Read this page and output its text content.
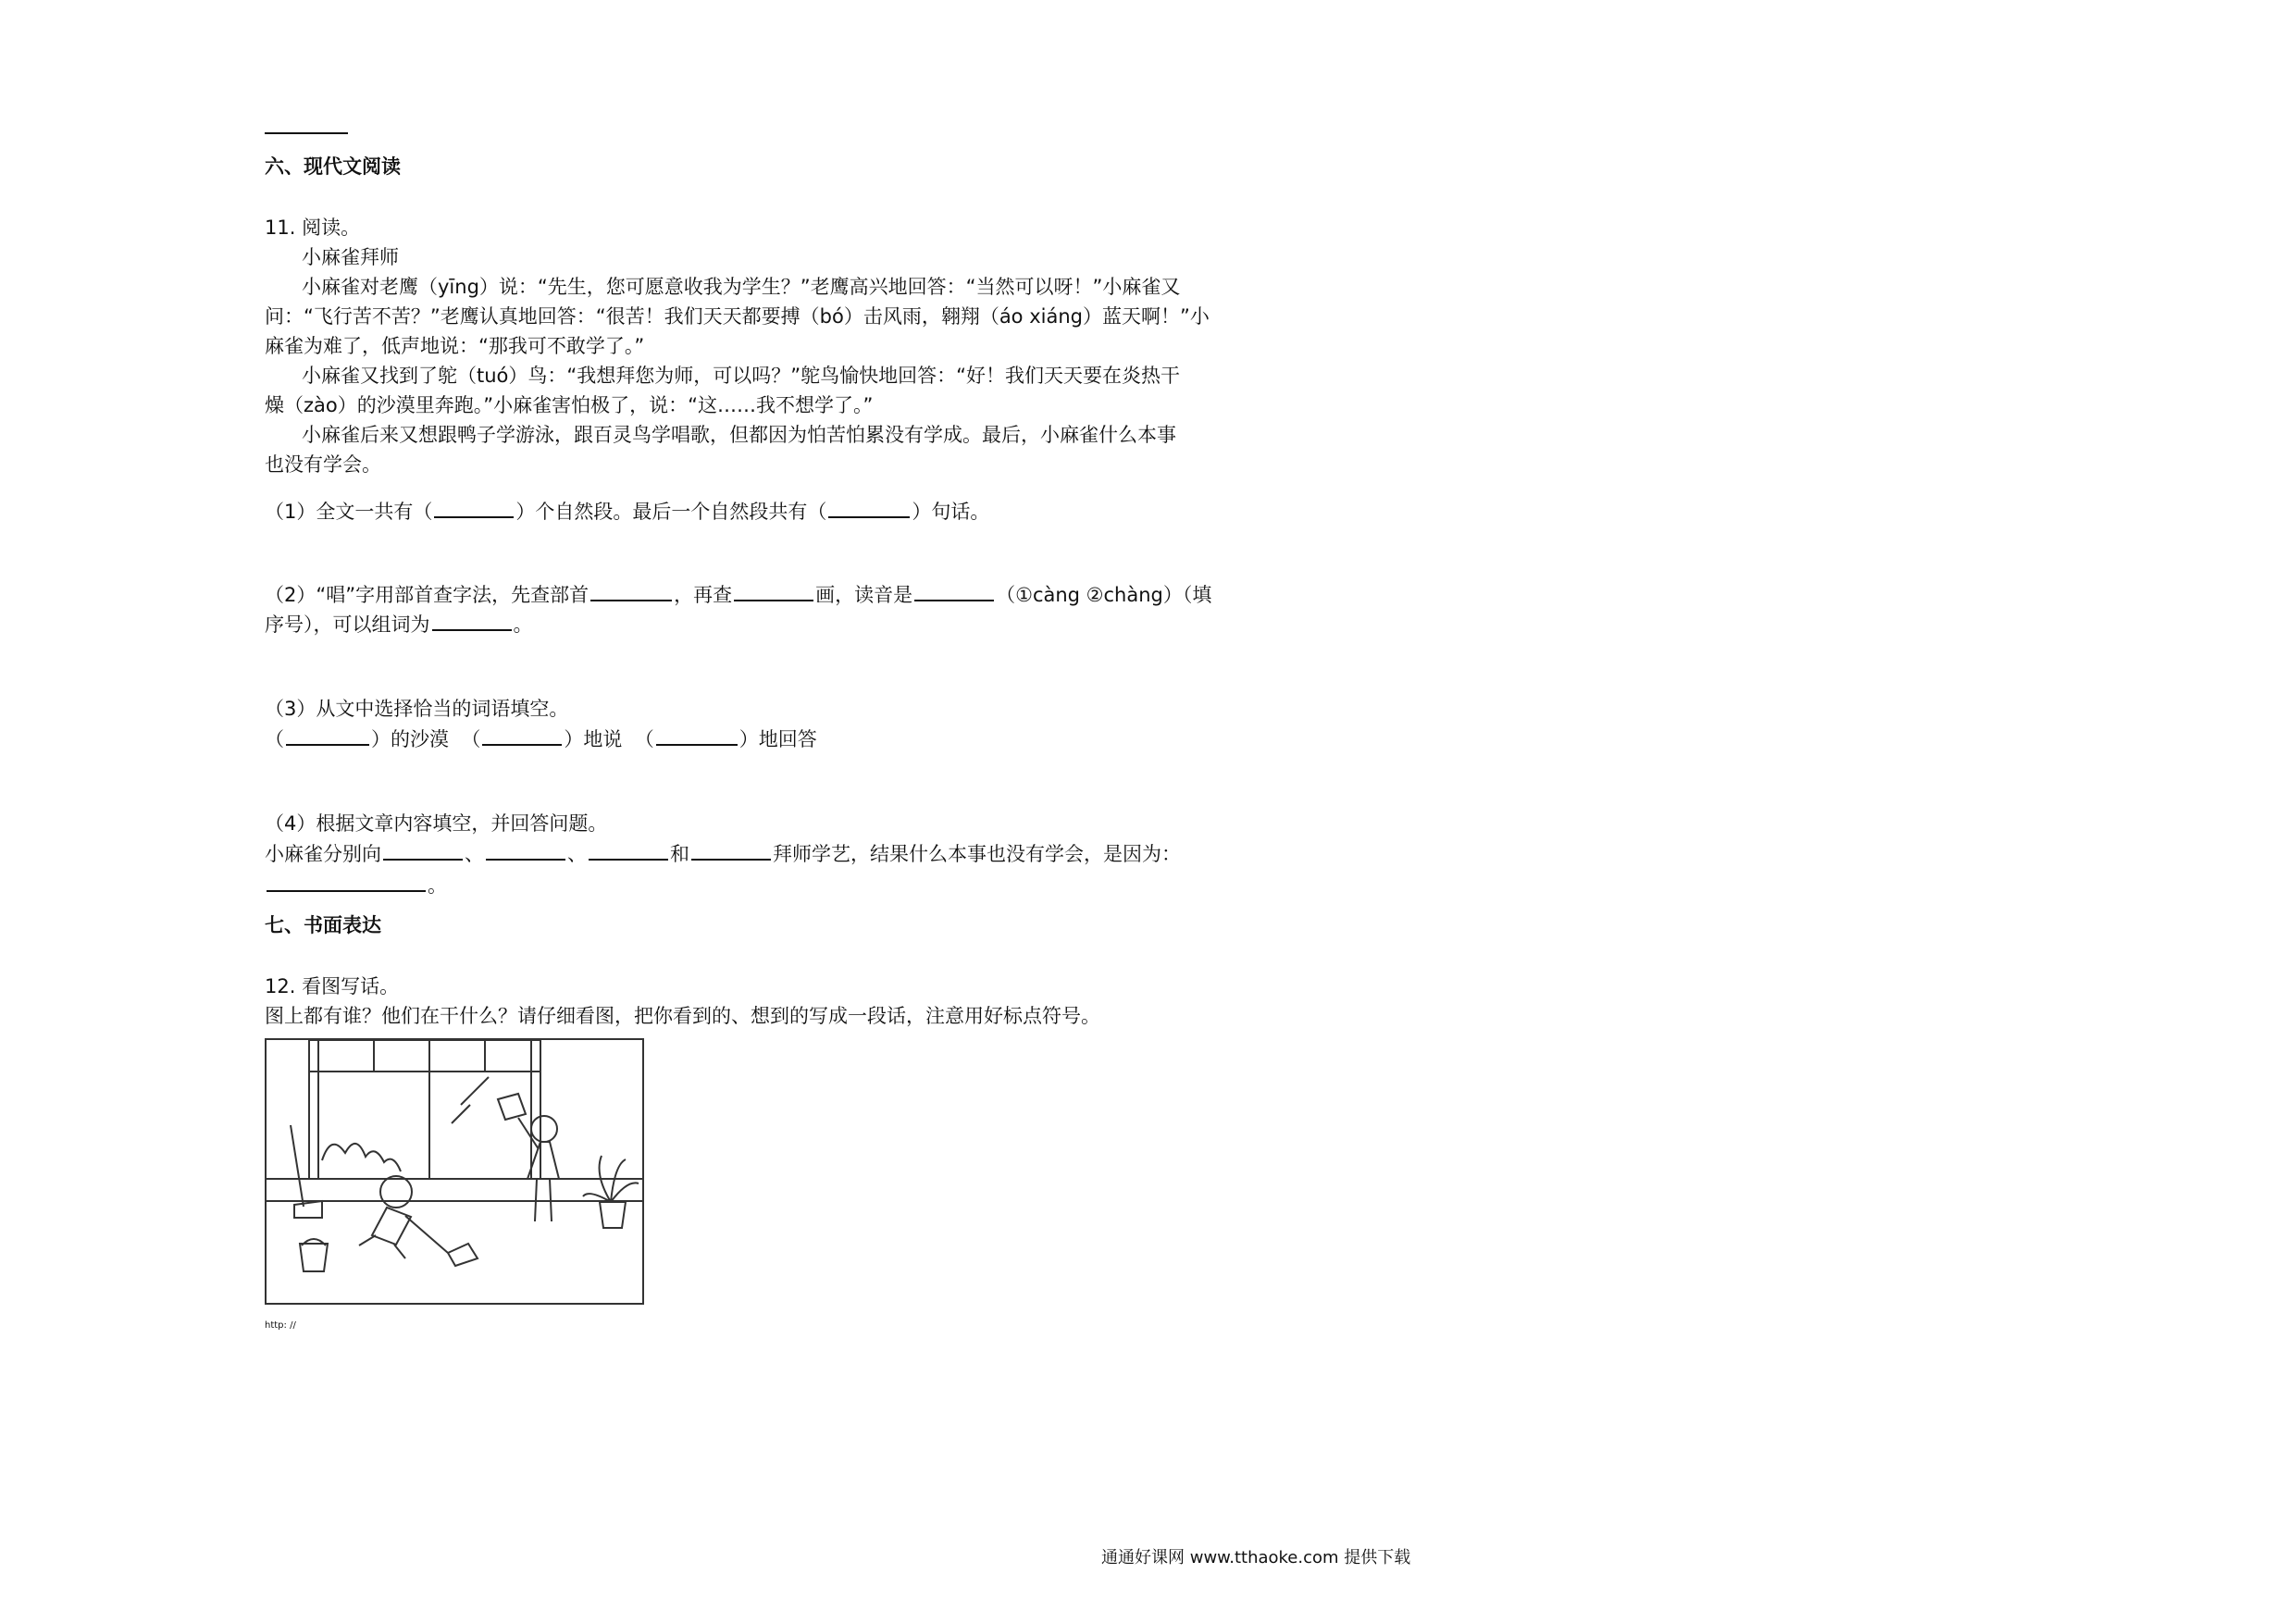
六、现代文阅读
11. 阅读。
小麻雀拜师
小麻雀对老鹰（yīng）说：“先生，您可愿意收我为学生？”老鹰高兴地回答：“当然可以呀！”小麻雀又
问：“飞行苦不苦？”老鹰认真地回答：“很苦！我们天天都要搏（bó）击风雨，翱翔（áo xiáng）蓝天啊！”小
麻雀为难了，低声地说：“那我可不敢学了。”
小麻雀又找到了鸵（tuó）鸟：“我想拜您为师，可以吗？”鸵鸟愉快地回答：“好！我们天天要在炎热干
燥（zào）的沙漠里奔跑。”小麻雀害怕极了，说：“这……我不想学了。”
小麻雀后来又想跟鸭子学游泳，跟百灵鸟学唱歌，但都因为怕苦怕累没有学成。最后，小麻雀什么本事
也没有学会。
（1）全文一共有（	）个自然段。最后一个自然段共有（	）句话。
（2）“唱”字用部首查字法，先查部首	，再查	画，读音是	（①càng ②chàng）（填
序号），可以组词为	。
（3）从文中选择恰当的词语填空。
（	）的沙漠 （	）地说 （	）地回答
（4）根据文章内容填空，并回答问题。
小麻雀分别向	、	、	和	拜师学艺，结果什么本事也没有学会，是因为：
。
七、书面表达
12. 看图写话。
图上都有谁？他们在干什么？请仔细看图，把你看到的、想到的写成一段话，注意用好标点符号。
http: //
通通好课网 www.tthaoke.com 提供下载
